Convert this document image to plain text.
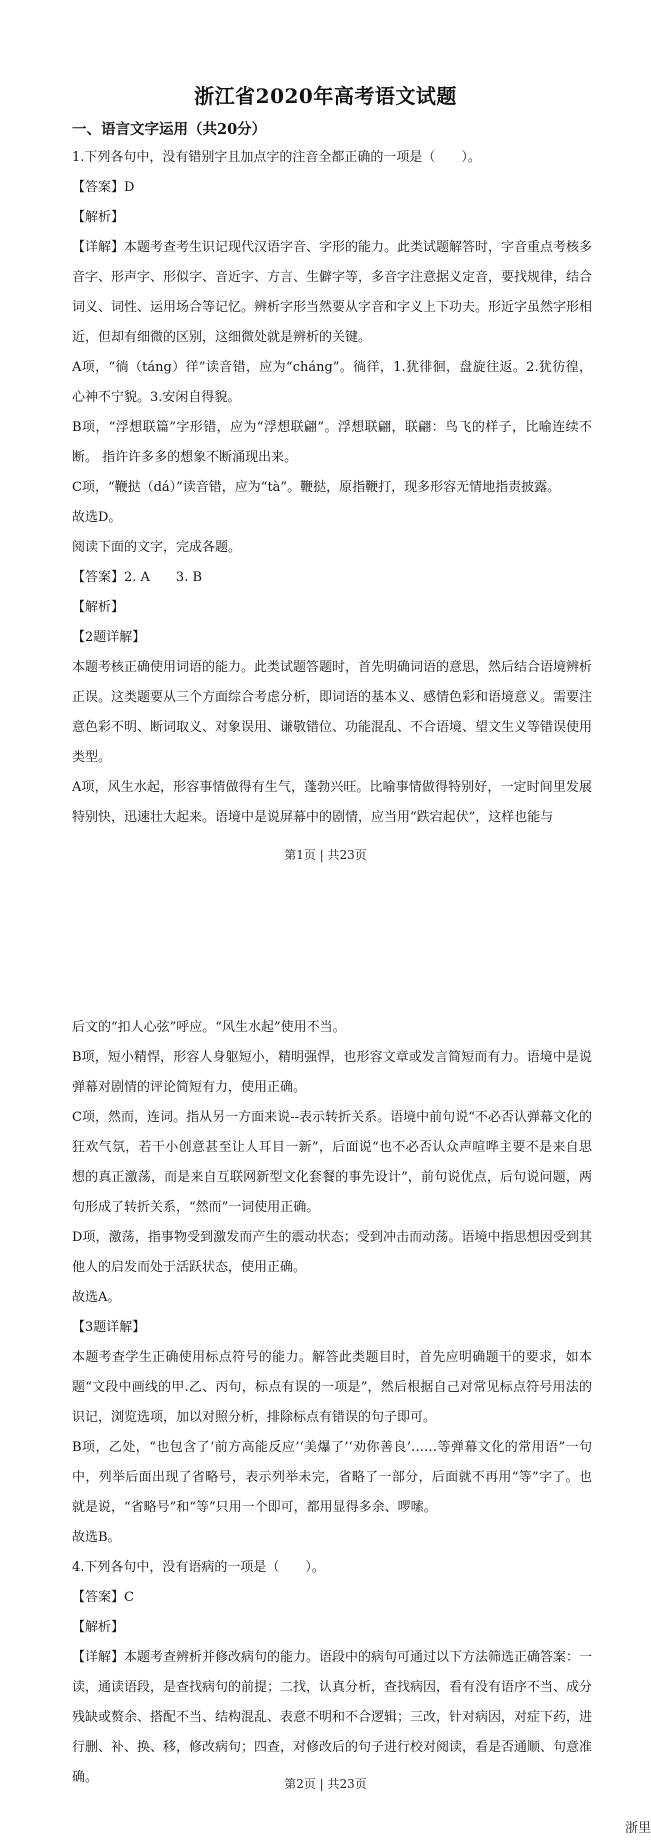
浙江省2020年高考语文试题
一、语言文字运用（共20分）

1.下列各句中，没有错别字且加点字的注音全都正确的一项是（　　）。

【答案】D

【解析】

【详解】本题考查考生识记现代汉语字音、字形的能力。此类试题解答时，字音重点考核多音字、形声字、形似字、音近字、方言、生僻字等，多音字注意据义定音，要找规律，结合词义、词性、运用场合等记忆。辨析字形当然要从字音和字义上下功夫。形近字虽然字形相近，但却有细微的区别，这细微处就是辨析的关键。

A项，“徜（táng）徉”读音错，应为“cháng”。徜徉，1.犹徘徊，盘旋往返。2.犹彷徨，心神不宁貌。3.安闲自得貌。

B项，“浮想联篇”字形错，应为“浮想联翩”。浮想联翩，联翩：鸟飞的样子，比喻连续不断。 指许许多多的想象不断涌现出来。

C项，“鞭挞（dá）”读音错，应为“tà”。鞭挞，原指鞭打，现多形容无情地指责披露。

故选D。

阅读下面的文字，完成各题。

【答案】2. A　　3. B

【解析】

【2题详解】

本题考核正确使用词语的能力。此类试题答题时，首先明确词语的意思，然后结合语境辨析正误。这类题要从三个方面综合考虑分析，即词语的基本义、感情色彩和语境意义。需要注意色彩不明、断词取义、对象误用、谦敬错位、功能混乱、不合语境、望文生义等错误使用类型。

A项，风生水起，形容事情做得有生气，蓬勃兴旺。比喻事情做得特别好，一定时间里发展特别快，迅速壮大起来。语境中是说屏幕中的剧情，应当用“跌宕起伏”，这样也能与

第1页 | 共23页

后文的“扣人心弦”呼应。“风生水起”使用不当。

B项，短小精悍，形容人身躯短小，精明强悍，也形容文章或发言简短而有力。语境中是说弹幕对剧情的评论简短有力，使用正确。

C项，然而，连词。指从另一方面来说--表示转折关系。语境中前句说“不必否认弹幕文化的狂欢气氛，若干小创意甚至让人耳目一新”，后面说“也不必否认众声喧哗主要不是来自思想的真正激荡，而是来自互联网新型文化套餐的事先设计”，前句说优点，后句说问题，两句形成了转折关系，“然而”一词使用正确。

D项，激荡，指事物受到激发而产生的震动状态；受到冲击而动荡。语境中指思想因受到其他人的启发而处于活跃状态，使用正确。

故选A。

【3题详解】

本题考查学生正确使用标点符号的能力。解答此类题目时，首先应明确题干的要求，如本题“文段中画线的甲.乙、丙句，标点有误的一项是”，然后根据自己对常见标点符号用法的识记，浏览选项，加以对照分析，排除标点有错误的句子即可。

B项，乙处，“也包含了‘前方高能反应’‘美爆了’‘劝你善良’……等弹幕文化的常用语”一句中，列举后面出现了省略号，表示列举未完，省略了一部分，后面就不再用“等”字了。也就是说，“省略号”和“等”只用一个即可，都用显得多余、啰嗦。

故选B。

4.下列各句中，没有语病的一项是（　　）。

【答案】C

【解析】

【详解】本题考查辨析并修改病句的能力。语段中的病句可通过以下方法筛选正确答案：一读，通读语段，是查找病句的前提；二找，认真分析，查找病因，看有没有语序不当、成分残缺或赘余、搭配不当、结构混乱、表意不明和不合逻辑；三改，针对病因，对症下药，进行删、补、换、移，修改病句；四查，对修改后的句子进行校对阅读，看是否通顺、句意准确。	第2页 | 共23页
浙里
